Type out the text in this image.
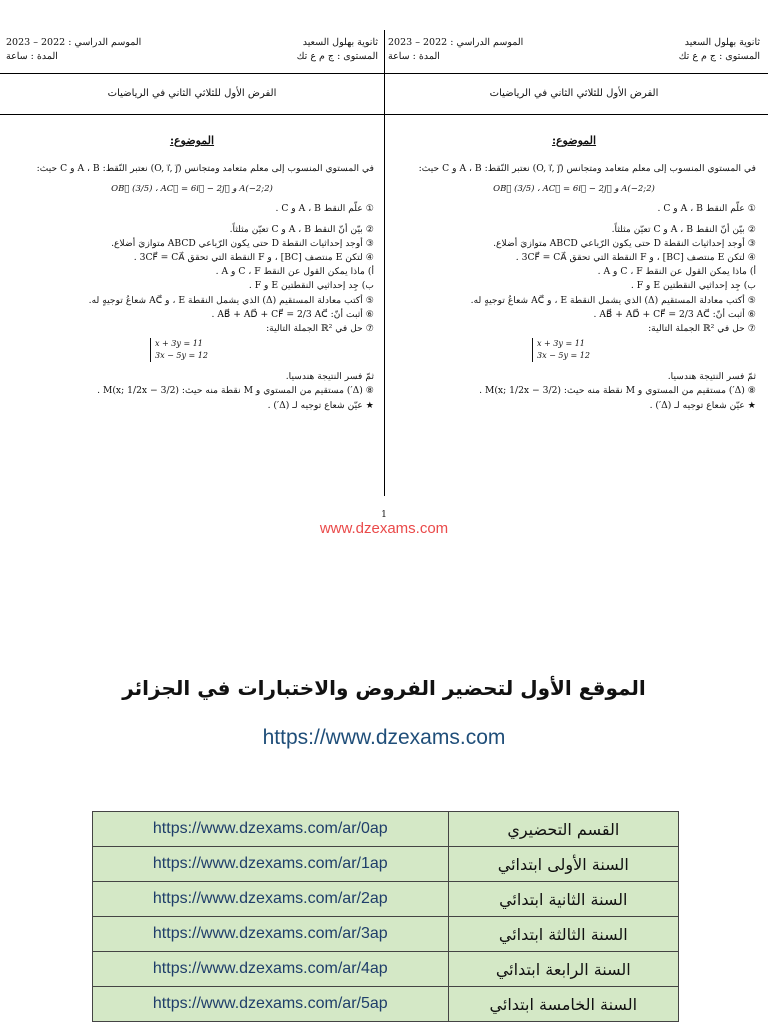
ثانوية بهلول السعيد
الموسم الدراسي : 2022 – 2023
المستوى : ج م ع تك
المدة : ساعة
الفرض الأول للثلاثي الثاني في الرياضيات
الموضوع:

في المستوي المنسوب إلى معلم متعامد ومتجانس (O, i⃗, j⃗) نعتبر النّقط: A ، B و C حيث:

A(−2;2) و OB⃗ (3/5) ، AC⃗ = 6i⃗ − 2j⃗

① علّم النقط A ، B و C .

② بيّن أنّ النقط A ، B و C تعيّن مثلثاً.

③ أوجد إحداثيات النقطة D حتى يكون الرّباعي ABCD متوازيَ أضلاع.

④ لتكن E منتصف [BC] ، و F النقطة التي تحقق 3CF⃗ = CA⃗ .

أ) ماذا يمكن القول عن النقط C ، F و A .

ب) جِد إحداثيي النقطتين E و F .

⑤ أكتب معادلة المستقيم (Δ) الذي يشمل النقطة E ، و AC⃗ شعاعُ توجيهٍ له.

⑥ أثبت أنّ: AB⃗ + AD⃗ + CF⃗ = 2/3 AC⃗ .

⑦ حل في ℝ² الجملة التالية:

x + 3y = 11
3x − 5y = 12

ثمّ فسر النتيجة هندسيا.

⑧ (Δ′) مستقيم من المستوي و M نقطة منه حيث: M(x; 1/2x − 3/2) .

★ عيّن شعاع توجيه لـ (Δ′) .

ثانوية بهلول السعيد
الموسم الدراسي : 2022 – 2023
المستوى : ج م ع تك
المدة : ساعة
الفرض الأول للثلاثي الثاني في الرياضيات
الموضوع:

في المستوي المنسوب إلى معلم متعامد ومتجانس (O, i⃗, j⃗) نعتبر النّقط: A ، B و C حيث:

A(−2;2) و OB⃗ (3/5) ، AC⃗ = 6i⃗ − 2j⃗

① علّم النقط A ، B و C .

② بيّن أنّ النقط A ، B و C تعيّن مثلثاً.

③ أوجد إحداثيات النقطة D حتى يكون الرّباعي ABCD متوازيَ أضلاع.

④ لتكن E منتصف [BC] ، و F النقطة التي تحقق 3CF⃗ = CA⃗ .

أ) ماذا يمكن القول عن النقط C ، F و A .

ب) جِد إحداثيي النقطتين E و F .

⑤ أكتب معادلة المستقيم (Δ) الذي يشمل النقطة E ، و AC⃗ شعاعُ توجيهٍ له.

⑥ أثبت أنّ: AB⃗ + AD⃗ + CF⃗ = 2/3 AC⃗ .

⑦ حل في ℝ² الجملة التالية:

x + 3y = 11
3x − 5y = 12

ثمّ فسر النتيجة هندسيا.

⑧ (Δ′) مستقيم من المستوي و M نقطة منه حيث: M(x; 1/2x − 3/2) .

★ عيّن شعاع توجيه لـ (Δ′) .

1
www.dzexams.com
الموقع الأول لتحضير الفروض والاختبارات في الجزائر
https://www.dzexams.com
https://www.dzexams.com/ar/0ap	القسم التحضيري
https://www.dzexams.com/ar/1ap	السنة الأولى ابتدائي
https://www.dzexams.com/ar/2ap	السنة الثانية ابتدائي
https://www.dzexams.com/ar/3ap	السنة الثالثة ابتدائي
https://www.dzexams.com/ar/4ap	السنة الرابعة ابتدائي
https://www.dzexams.com/ar/5ap	السنة الخامسة ابتدائي
